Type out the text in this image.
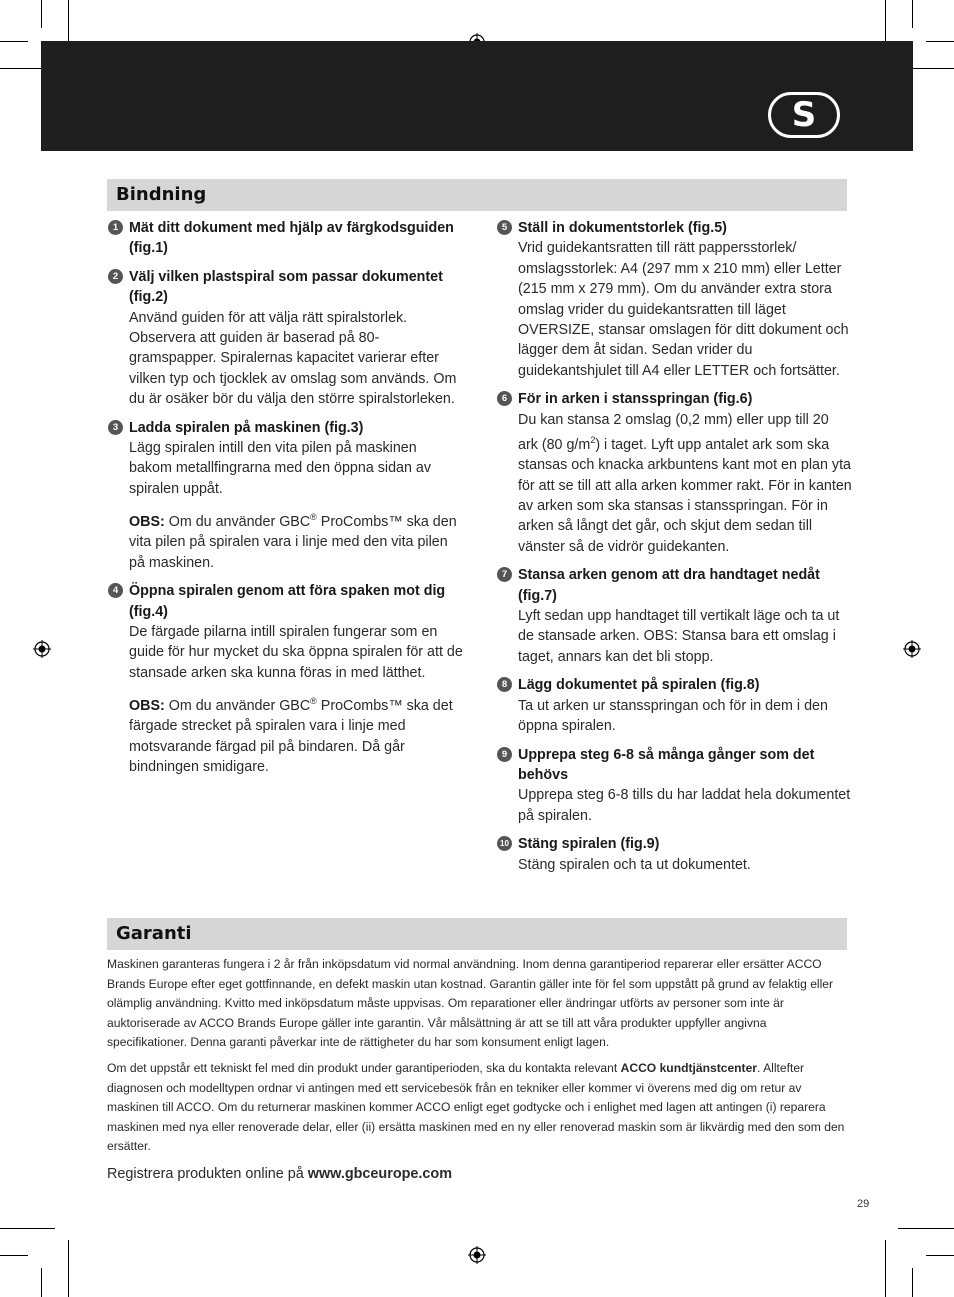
S
Bindning
1 Mät ditt dokument med hjälp av färgkodsguiden (fig.1)
2 Välj vilken plastspiral som passar dokumentet (fig.2)
Använd guiden för att välja rätt spiralstorlek. Observera att guiden är baserad på 80-gramspapper. Spiralernas kapacitet varierar efter vilken typ och tjocklek av omslag som används. Om du är osäker bör du välja den större spiralstorleken.
3 Ladda spiralen på maskinen (fig.3)
Lägg spiralen intill den vita pilen på maskinen bakom metallfingrarna med den öppna sidan av spiralen uppåt.
OBS: Om du använder GBC® ProCombs™ ska den vita pilen på spiralen vara i linje med den vita pilen på maskinen.
4 Öppna spiralen genom att föra spaken mot dig (fig.4)
De färgade pilarna intill spiralen fungerar som en guide för hur mycket du ska öppna spiralen för att de stansade arken ska kunna föras in med lätthet.
OBS: Om du använder GBC® ProCombs™ ska det färgade strecket på spiralen vara i linje med motsvarande färgad pil på bindaren. Då går bindningen smidigare.
5 Ställ in dokumentstorlek (fig.5)
Vrid guidekantsratten till rätt pappersstorlek/ omslagsstorlek: A4 (297 mm x 210 mm) eller Letter (215 mm x 279 mm). Om du använder extra stora omslag vrider du guidekantsratten till läget OVERSIZE, stansar omslagen för ditt dokument och lägger dem åt sidan. Sedan vrider du guidekantshjulet till A4 eller LETTER och fortsätter.
6 För in arken i stansspringan (fig.6)
Du kan stansa 2 omslag (0,2 mm) eller upp till 20 ark (80 $g/m^2$) i taget. Lyft upp antalet ark som ska stansas och knacka arkbuntens kant mot en plan yta för att se till att alla arken kommer rakt. För in kanten av arken som ska stansas i stansspringan. För in arken så långt det går, och skjut dem sedan till vänster så de vidrör guidekanten.
7 Stansa arken genom att dra handtaget nedåt (fig.7)
Lyft sedan upp handtaget till vertikalt läge och ta ut de stansade arken. OBS: Stansa bara ett omslag i taget, annars kan det bli stopp.
8 Lägg dokumentet på spiralen (fig.8)
Ta ut arken ur stansspringan och för in dem i den öppna spiralen.
9 Upprepa steg 6-8 så många gånger som det behövs
Upprepa steg 6-8 tills du har laddat hela dokumentet på spiralen.
10 Stäng spiralen (fig.9)
Stäng spiralen och ta ut dokumentet.
Garanti

Maskinen garanteras fungera i 2 år från inköpsdatum vid normal användning. Inom denna garantiperiod reparerar eller ersätter ACCO Brands Europe efter eget gottfinnande, en defekt maskin utan kostnad. Garantin gäller inte för fel som uppstått på grund av felaktig eller olämplig användning. Kvitto med inköpsdatum måste uppvisas. Om reparationer eller ändringar utförts av personer som inte är auktoriserade av ACCO Brands Europe gäller inte garantin. Vår målsättning är att se till att våra produkter uppfyller angivna specifikationer. Denna garanti påverkar inte de rättigheter du har som konsument enligt lagen.

Om det uppstår ett tekniskt fel med din produkt under garantiperioden, ska du kontakta relevant ACCO kundtjänstcenter. Alltefter diagnosen och modelltypen ordnar vi antingen med ett servicebesök från en tekniker eller kommer vi överens med dig om retur av maskinen till ACCO. Om du returnerar maskinen kommer ACCO enligt eget godtycke och i enlighet med lagen att antingen (i) reparera maskinen med nya eller renoverade delar, eller (ii) ersätta maskinen med en ny eller renoverad maskin som är likvärdig med den som den ersätter.

Registrera produkten online på www.gbceurope.com

29
